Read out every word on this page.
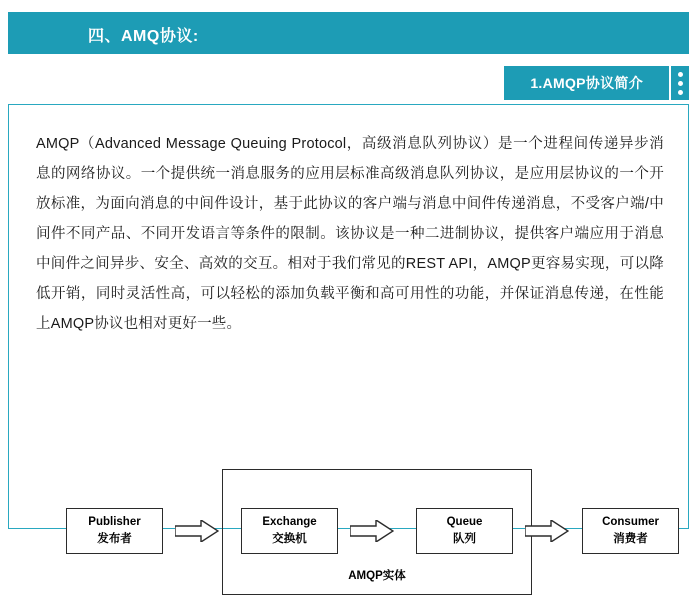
四、AMQ协议:
1.AMQP协议简介
AMQP（Advanced Message Queuing Protocol，高级消息队列协议）是一个进程间传递异步消息的网络协议。一个提供统一消息服务的应用层标准高级消息队列协议，是应用层协议的一个开放标准，为面向消息的中间件设计，基于此协议的客户端与消息中间件传递消息，不受客户端/中间件不同产品、不同开发语言等条件的限制。该协议是一种二进制协议，提供客户端应用于消息中间件之间异步、安全、高效的交互。相对于我们常见的REST API，AMQP更容易实现，可以降低开销，同时灵活性高，可以轻松的添加负载平衡和高可用性的功能，并保证消息传递，在性能上AMQP协议也相对更好一些。
AMQP实体
Publisher
发布者
Exchange
交换机
Queue
队列
Consumer
消费者
